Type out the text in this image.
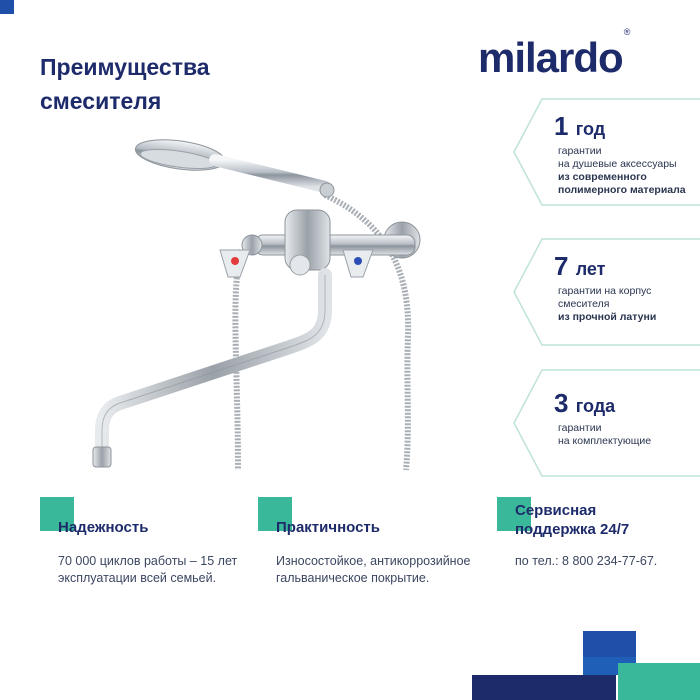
Преимущества
смесителя
milardo®
1 год
гарантии
на душевые аксессуары
из современного
полимерного материала
7 лет
гарантии на корпус
смесителя
из прочной латуни
3 года
гарантии
на комплектующие
Надежность
70 000 циклов работы – 15 лет
эксплуатации всей семьей.
Практичность
Износостойкое, антикоррозийное
гальваническое покрытие.
Сервисная
поддержка 24/7
по тел.: 8 800 234-77-67.
